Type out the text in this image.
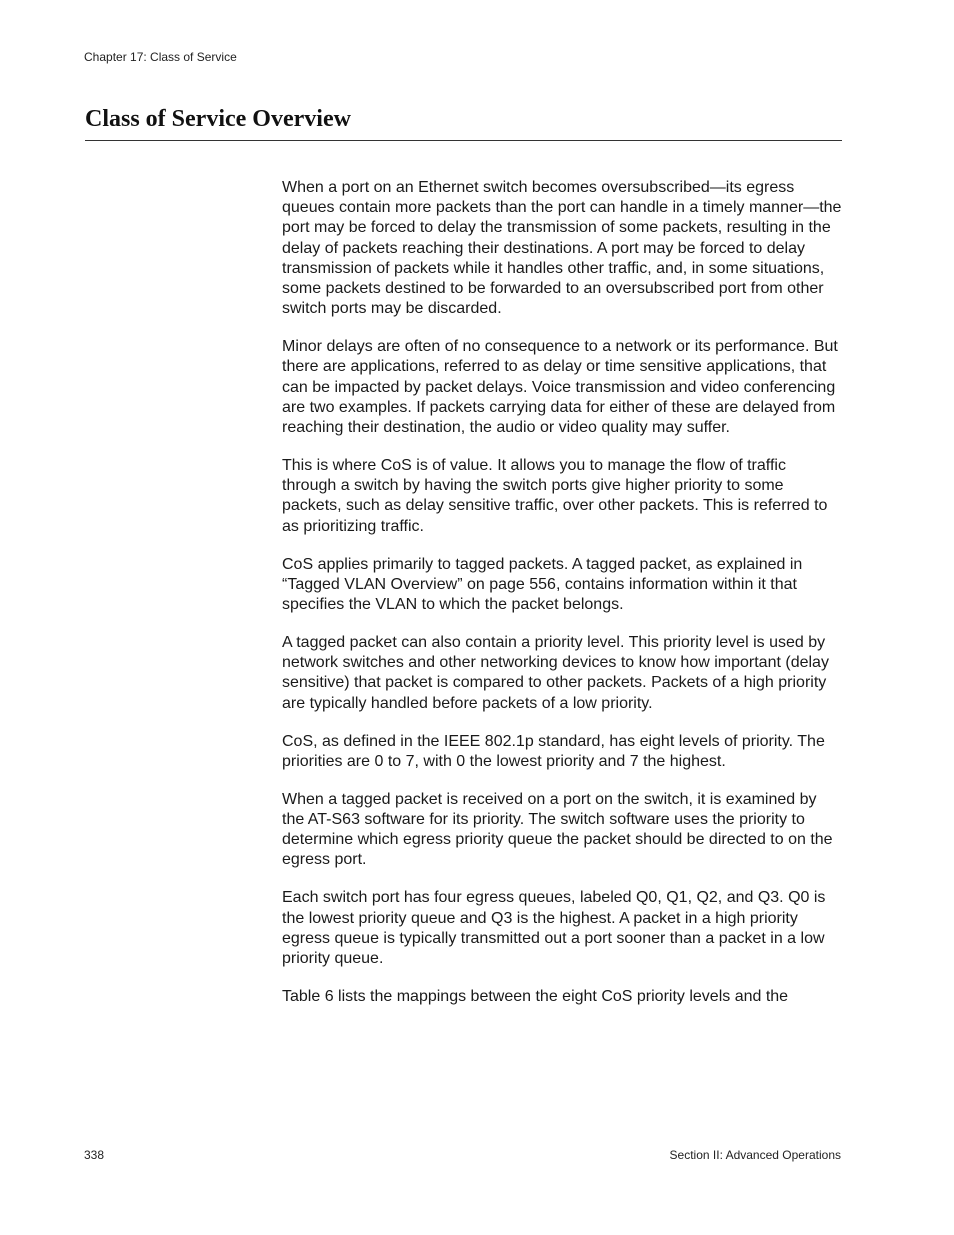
Chapter 17: Class of Service
Class of Service Overview

When a port on an Ethernet switch becomes oversubscribed—its egress queues contain more packets than the port can handle in a timely manner—the port may be forced to delay the transmission of some packets, resulting in the delay of packets reaching their destinations. A port may be forced to delay transmission of packets while it handles other traffic, and, in some situations, some packets destined to be forwarded to an oversubscribed port from other switch ports may be discarded.

Minor delays are often of no consequence to a network or its performance. But there are applications, referred to as delay or time sensitive applications, that can be impacted by packet delays. Voice transmission and video conferencing are two examples. If packets carrying data for either of these are delayed from reaching their destination, the audio or video quality may suffer.

This is where CoS is of value. It allows you to manage the flow of traffic through a switch by having the switch ports give higher priority to some packets, such as delay sensitive traffic, over other packets. This is referred to as prioritizing traffic.

CoS applies primarily to tagged packets. A tagged packet, as explained in “Tagged VLAN Overview” on page 556, contains information within it that specifies the VLAN to which the packet belongs.

A tagged packet can also contain a priority level. This priority level is used by network switches and other networking devices to know how important (delay sensitive) that packet is compared to other packets. Packets of a high priority are typically handled before packets of a low priority.

CoS, as defined in the IEEE 802.1p standard, has eight levels of priority. The priorities are 0 to 7, with 0 the lowest priority and 7 the highest.

When a tagged packet is received on a port on the switch, it is examined by the AT-S63 software for its priority. The switch software uses the priority to determine which egress priority queue the packet should be directed to on the egress port.

Each switch port has four egress queues, labeled Q0, Q1, Q2, and Q3. Q0 is the lowest priority queue and Q3 is the highest. A packet in a high priority egress queue is typically transmitted out a port sooner than a packet in a low priority queue.

Table 6 lists the mappings between the eight CoS priority levels and the

338	Section II: Advanced Operations
